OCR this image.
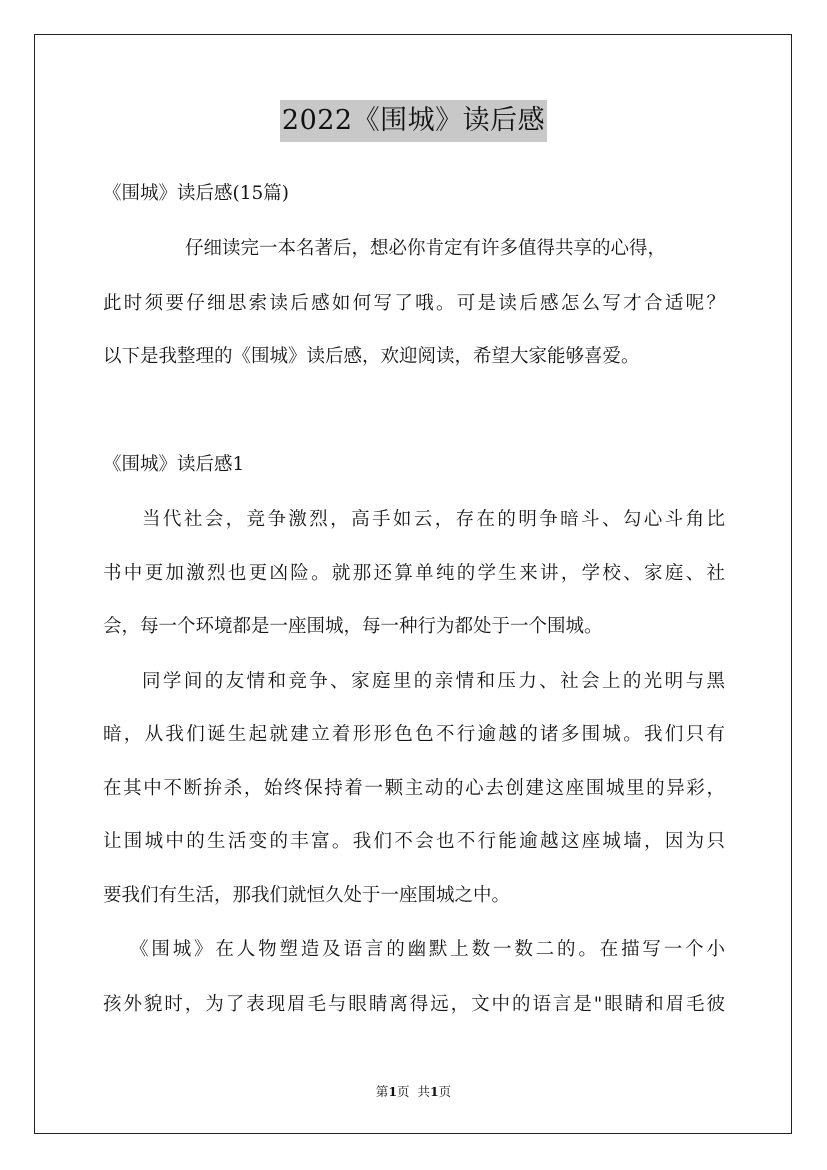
2022《围城》读后感
《围城》读后感(15篇)
仔细读完一本名著后，想必你肯定有许多值得共享的心得，
此时须要仔细思索读后感如何写了哦。可是读后感怎么写才合适呢？
以下是我整理的《围城》读后感，欢迎阅读，希望大家能够喜爱。
《围城》读后感1
当代社会，竞争激烈，高手如云，存在的明争暗斗、勾心斗角比
书中更加激烈也更凶险。就那还算单纯的学生来讲，学校、家庭、社
会，每一个环境都是一座围城，每一种行为都处于一个围城。
同学间的友情和竞争、家庭里的亲情和压力、社会上的光明与黑
暗，从我们诞生起就建立着形形色色不行逾越的诸多围城。我们只有
在其中不断拚杀，始终保持着一颗主动的心去创建这座围城里的异彩，
让围城中的生活变的丰富。我们不会也不行能逾越这座城墙，因为只
要我们有生活，那我们就恒久处于一座围城之中。
《围城》在人物塑造及语言的幽默上数一数二的。在描写一个小
孩外貌时，为了表现眉毛与眼睛离得远，文中的语言是"眼睛和眉毛彼
第1页  共1页
